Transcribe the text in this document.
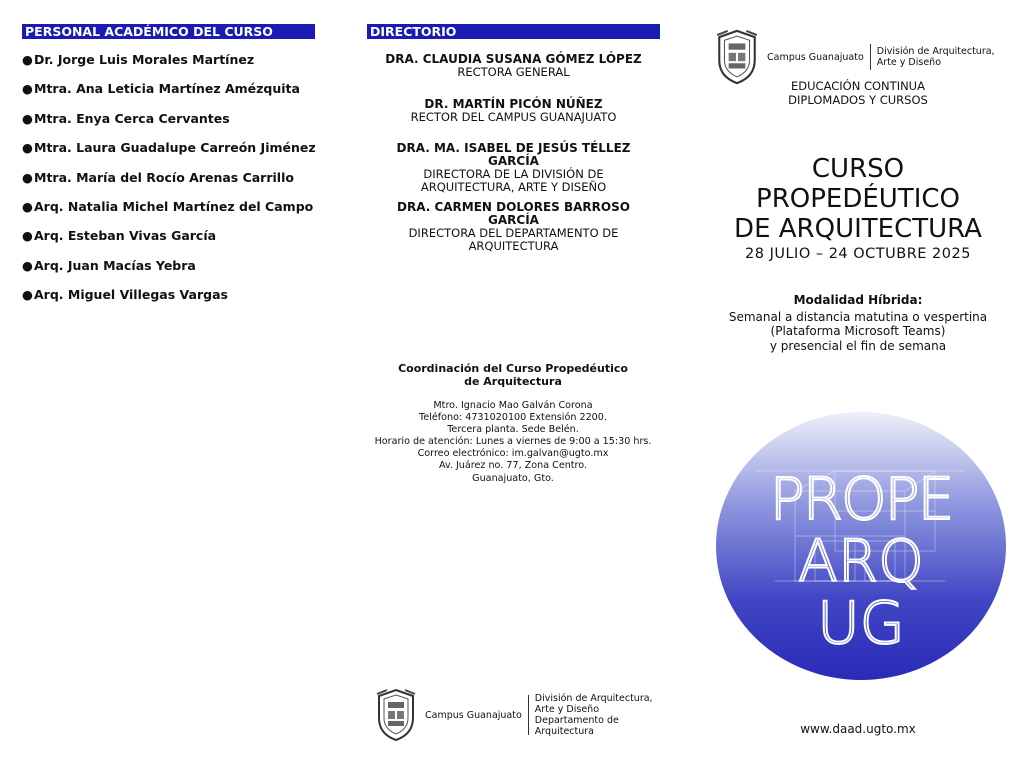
PERSONAL ACADÉMICO DEL CURSO
● Dr. Jorge Luis Morales Martínez
● Mtra. Ana Leticia Martínez Amézquita
● Mtra. Enya Cerca Cervantes
● Mtra. Laura Guadalupe Carreón Jiménez
● Mtra. María del Rocío Arenas Carrillo
● Arq. Natalia Michel Martínez del Campo
● Arq. Esteban Vivas García
● Arq. Juan Macías Yebra
● Arq. Miguel Villegas Vargas
DIRECTORIO
DRA. CLAUDIA SUSANA GÓMEZ LÓPEZ
RECTORA GENERAL
DR. MARTÍN PICÓN NÚÑEZ
RECTOR DEL CAMPUS GUANAJUATO
DRA. MA. ISABEL DE JESÚS TÉLLEZ GARCÍA
DIRECTORA DE LA DIVISIÓN DE
ARQUITECTURA, ARTE Y DISEÑO
DRA. CARMEN DOLORES BARROSO GARCÍA
DIRECTORA DEL DEPARTAMENTO DE
ARQUITECTURA
Coordinación del Curso Propedéutico
de Arquitectura
Mtro. Ignacio Mao Galván Corona
Teléfono: 4731020100 Extensión 2200.
Tercera planta. Sede Belén.
Horario de atención: Lunes a viernes de 9:00 a 15:30 hrs.
Correo electrónico: im.galvan@ugto.mx
Av. Juárez no. 77, Zona Centro.
Guanajuato, Gto.
Campus Guanajuato
División de Arquitectura,
Arte y Diseño
Departamento de
Arquitectura
Campus Guanajuato División de Arquitectura,
Arte y Diseño
EDUCACIÓN CONTINUA
DIPLOMADOS Y CURSOS
CURSO
PROPEDÉUTICO
DE ARQUITECTURA
28 JULIO – 24 OCTUBRE 2025
Modalidad Híbrida:
Semanal a distancia matutina o vespertina
(Plataforma Microsoft Teams)
y presencial el fin de semana
PROPE
ARQ
UG
www.daad.ugto.mx
